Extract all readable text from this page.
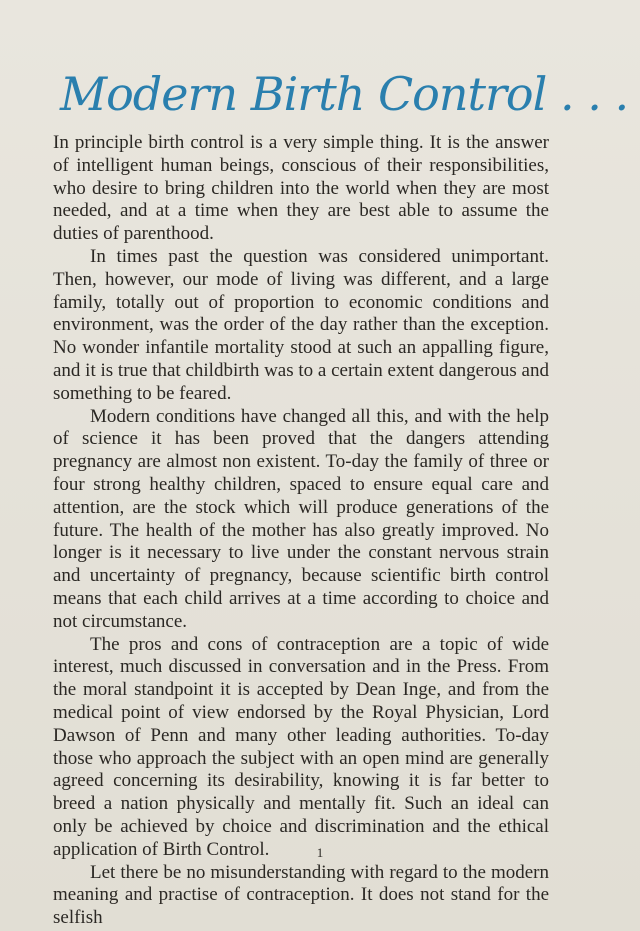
Modern Birth Control . . .

In principle birth control is a very simple thing. It is the answer of intelligent human beings, conscious of their responsibilities, who desire to bring children into the world when they are most needed, and at a time when they are best able to assume the duties of parenthood.

In times past the question was considered unimportant. Then, however, our mode of living was different, and a large family, totally out of proportion to economic conditions and environment, was the order of the day rather than the exception. No wonder infantile mortality stood at such an appalling figure, and it is true that childbirth was to a certain extent dangerous and something to be feared.

Modern conditions have changed all this, and with the help of science it has been proved that the dangers attending pregnancy are almost non existent. To-day the family of three or four strong healthy children, spaced to ensure equal care and attention, are the stock which will produce generations of the future. The health of the mother has also greatly improved. No longer is it necessary to live under the constant nervous strain and uncertainty of pregnancy, because scientific birth control means that each child arrives at a time according to choice and not circumstance.

The pros and cons of contraception are a topic of wide interest, much discussed in conversation and in the Press. From the moral standpoint it is accepted by Dean Inge, and from the medical point of view endorsed by the Royal Physician, Lord Dawson of Penn and many other leading authorities. To-day those who approach the subject with an open mind are generally agreed concerning its desirability, knowing it is far better to breed a nation physically and mentally fit. Such an ideal can only be achieved by choice and discrimination and the ethical application of Birth Control.

Let there be no misunderstanding with regard to the modern meaning and practise of contraception. It does not stand for the selfish

1
